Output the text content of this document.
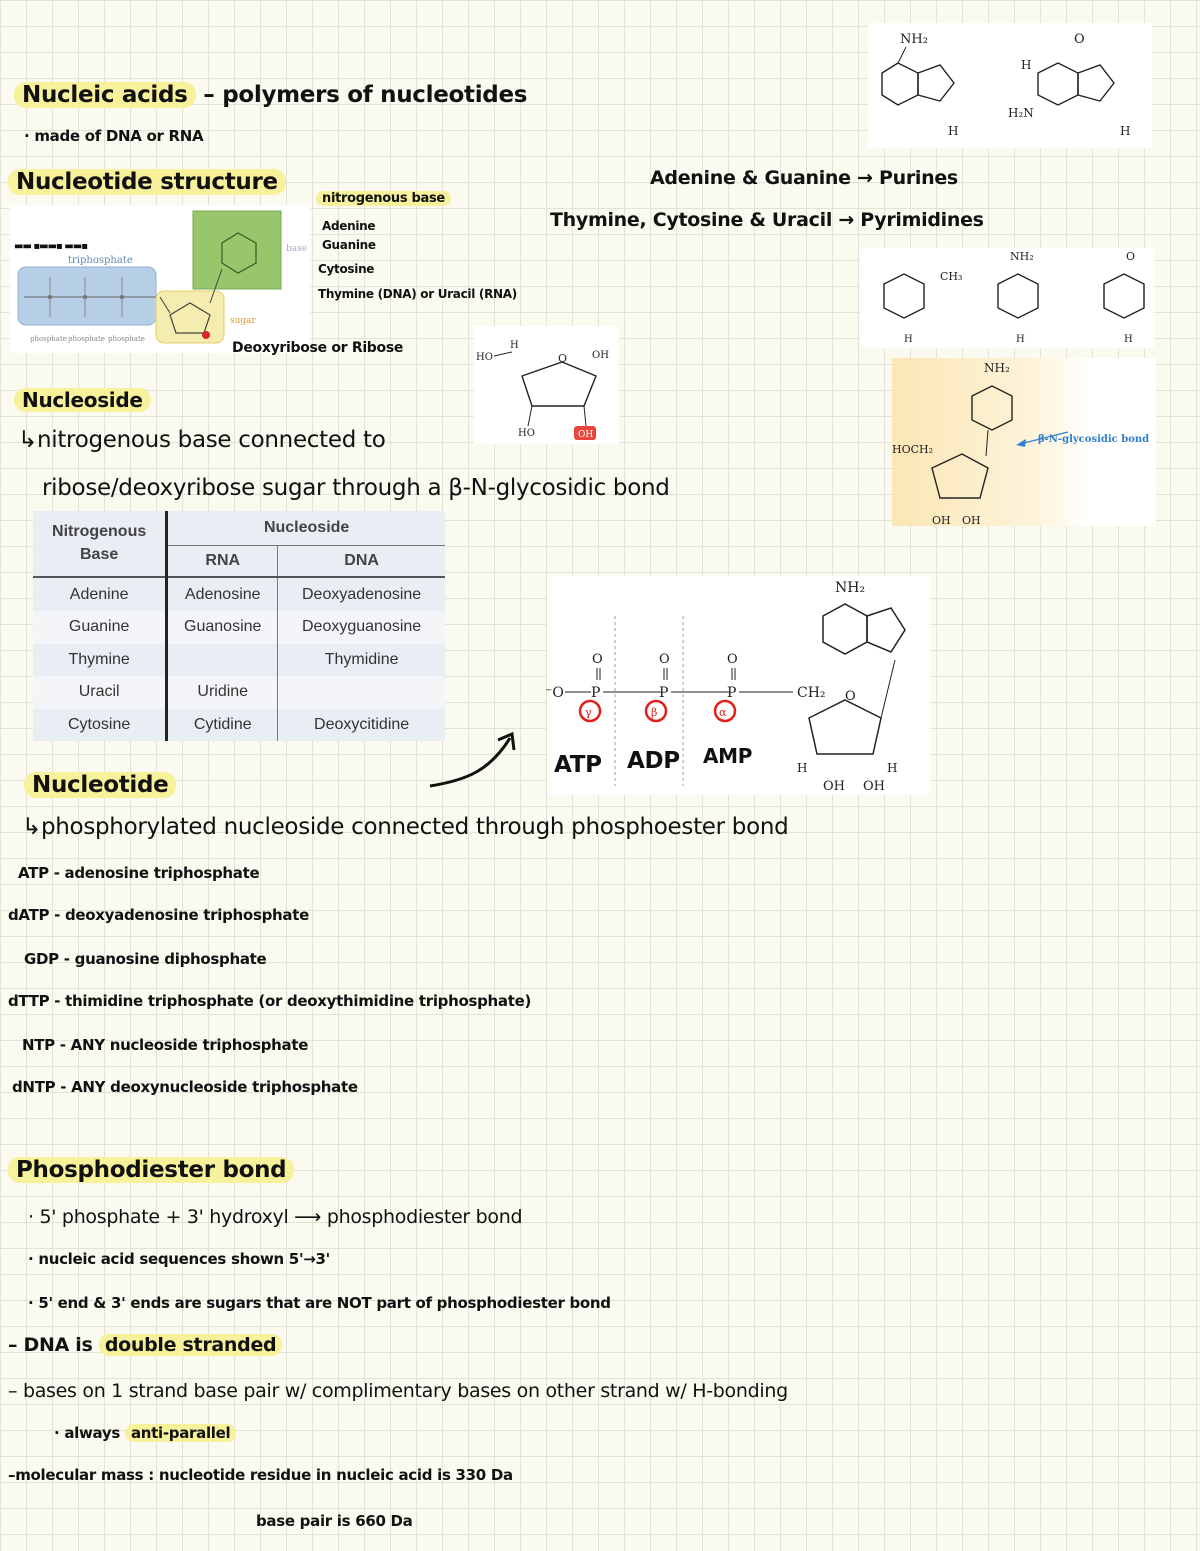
Nucleic acids – polymers of nucleotides
· made of DNA or RNA
Nucleotide structure
triphosphate
phosphate phosphate phosphate
base
sugar
▬▬ ▪▬▬▪ ▬▬▪
nitrogenous base
Adenine
Guanine
Cytosine
Thymine (DNA) or Uracil (RNA)
Deoxyribose or Ribose
HO
H
O OH
HO	OH
NH₂
H
O
H
H₂N
H
Adenine & Guanine → Purines
Thymine, Cytosine & Uracil → Pyrimidines
CH₃
H
NH₂
H
O
H
NH₂
HOCH₂
OH OH
β-N-glycosidic bond
Nucleoside
↳nitrogenous base connected to
ribose/deoxyribose sugar through a β-N-glycosidic bond
Nitrogenous
Base	Nucleoside	
	RNA	DNA
Adenine	Adenosine	Deoxyadenosine
Guanine	Guanosine	Deoxyguanosine
Thymine		Thymidine
Uracil	Uridine	
Cytosine	Cytidine	Deoxycitidine
⁻O P
O
P
O
P
O
CH₂
γ	β	α
O
NH₂
OH OH
H	H
ATP ADP AMP
Nucleotide
↳phosphorylated nucleoside connected through phosphoester bond
ATP - adenosine triphosphate
dATP - deoxyadenosine triphosphate
GDP - guanosine diphosphate
dTTP - thimidine triphosphate (or deoxythimidine triphosphate)
NTP - ANY nucleoside triphosphate
dNTP - ANY deoxynucleoside triphosphate
Phosphodiester bond
· 5' phosphate + 3' hydroxyl ⟶ phosphodiester bond
· nucleic acid sequences shown 5'→3'
· 5' end & 3' ends are sugars that are NOT part of phosphodiester bond
– DNA is double stranded
– bases on 1 strand base pair w/ complimentary bases on other strand w/ H-bonding
· always anti-parallel
–molecular mass : nucleotide residue in nucleic acid is 330 Da
base pair is 660 Da
